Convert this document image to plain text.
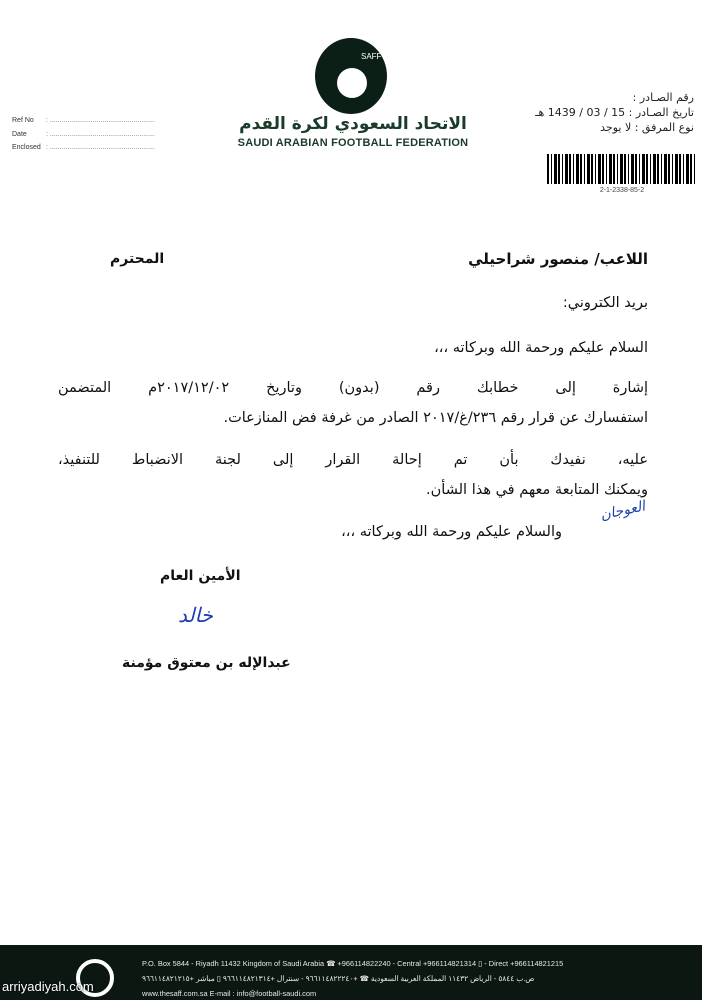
SAFF
الاتحاد السعودي لكرة القدم
SAUDI ARABIAN FOOTBALL FEDERATION
Ref No : ......................................................
Date	: ......................................................
Enclosed : ......................................................
رقم الصـادر :
تاريخ الصـادر : 15 / 03 / 1439 هـ
نوع المرفق : لا يوجد
2-1-2338-85-2
اللاعب/ منصور شراحيلي
المحترم
بريد الكتروني:
السلام عليكم ورحمة الله وبركاته ،،،
إشارة إلى خطابك رقم (بدون) وتاريخ ٢٠١٧/١٢/٠٢م المتضمن
استفسارك عن قرار رقم ٢٣٦/غ/٢٠١٧ الصادر من غرفة فض المنازعات.
عليه، نفيدك بأن تم إحالة القرار إلى لجنة الانضباط للتنفيذ،
ويمكنك المتابعة معهم في هذا الشأن.
والسلام عليكم ورحمة الله وبركاته ،،،
العوجان
الأمين العام
خالد
عبدالإله بن معتوق مؤمنة
P.O. Box 5844 - Riyadh 11432 Kingdom of Saudi Arabia ☎ +966114822240 - Central +966114821314 ▯ - Direct +966114821215
ص.ب ٥٨٤٤ - الرياض ١١٤٣٢ المملكة العربية السعودية ☎ +٩٦٦١١٤٨٢٢٢٤٠ - سنترال +٩٦٦١١٤٨٢١٣١٤ ▯ مباشر +٩٦٦١١٤٨٢١٢١٥
www.thesaff.com.sa E-mail : info@football-saudi.com
arriyadiyah.com
